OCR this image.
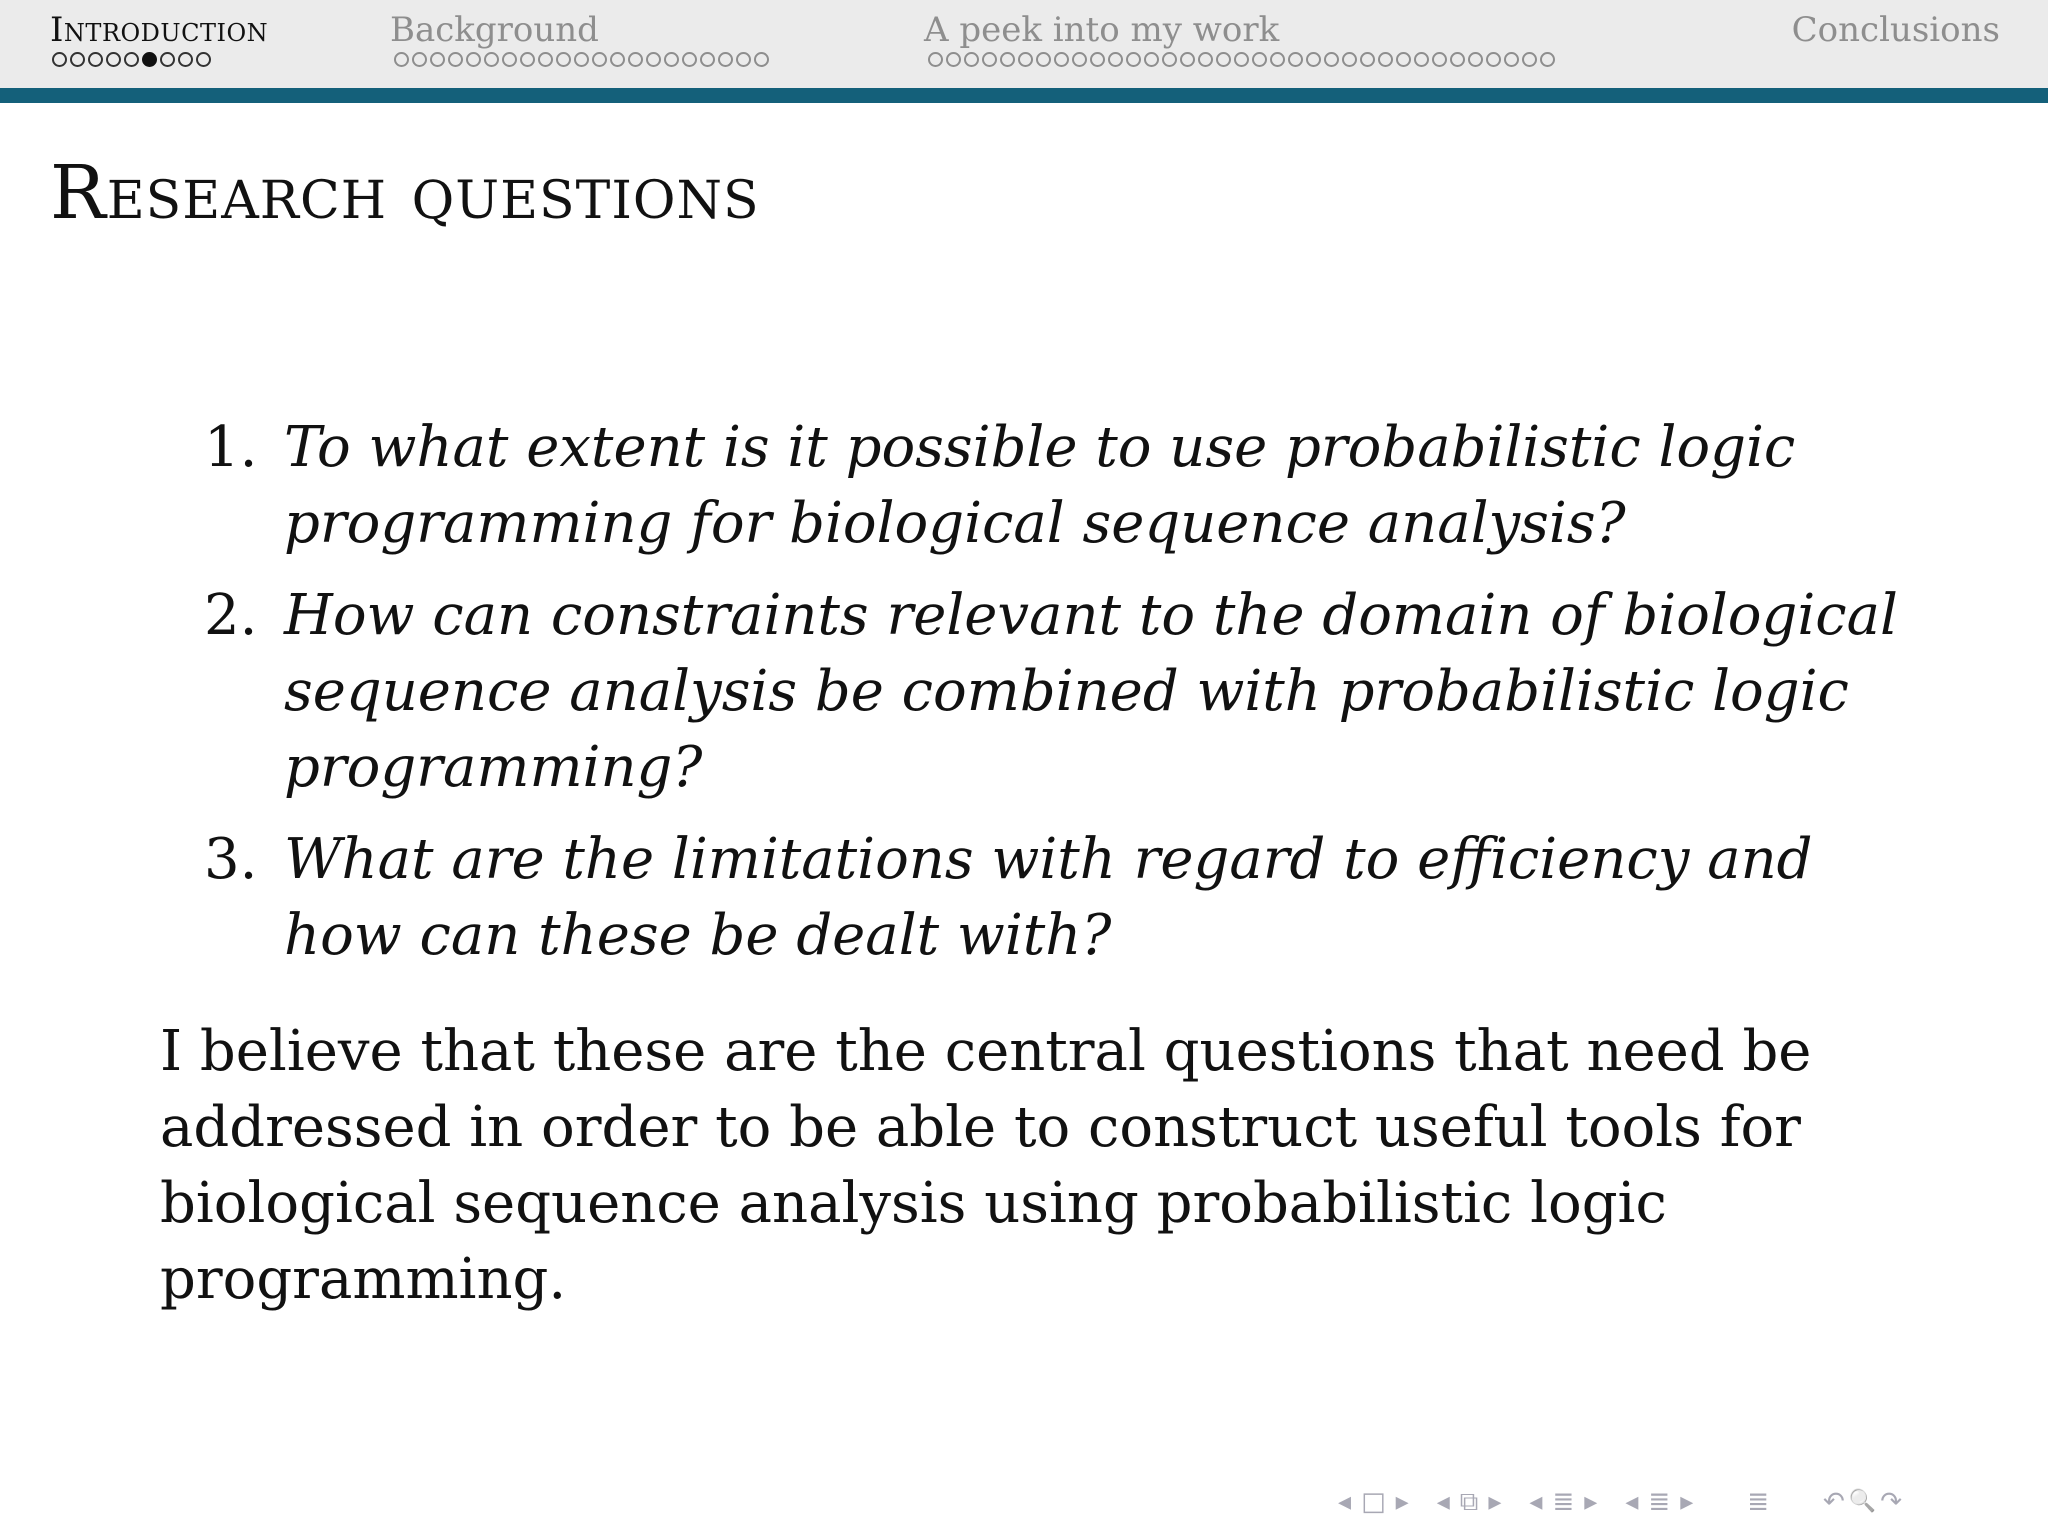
Introduction	Background	A peek into my work	Conclusions
Research questions
1. To what extent is it possible to use probabilistic logic programming for biological sequence analysis?
2. How can constraints relevant to the domain of biological sequence analysis be combined with probabilistic logic programming?
3. What are the limitations with regard to efficiency and how can these be dealt with?

I believe that these are the central questions that need be addressed in order to be able to construct useful tools for biological sequence analysis using probabilistic logic programming.

◂ □ ▸ ◂ ⧉ ▸ ◂ ≣ ▸ ◂ ≣ ▸ ≣ ↶ 🔍 ↷
